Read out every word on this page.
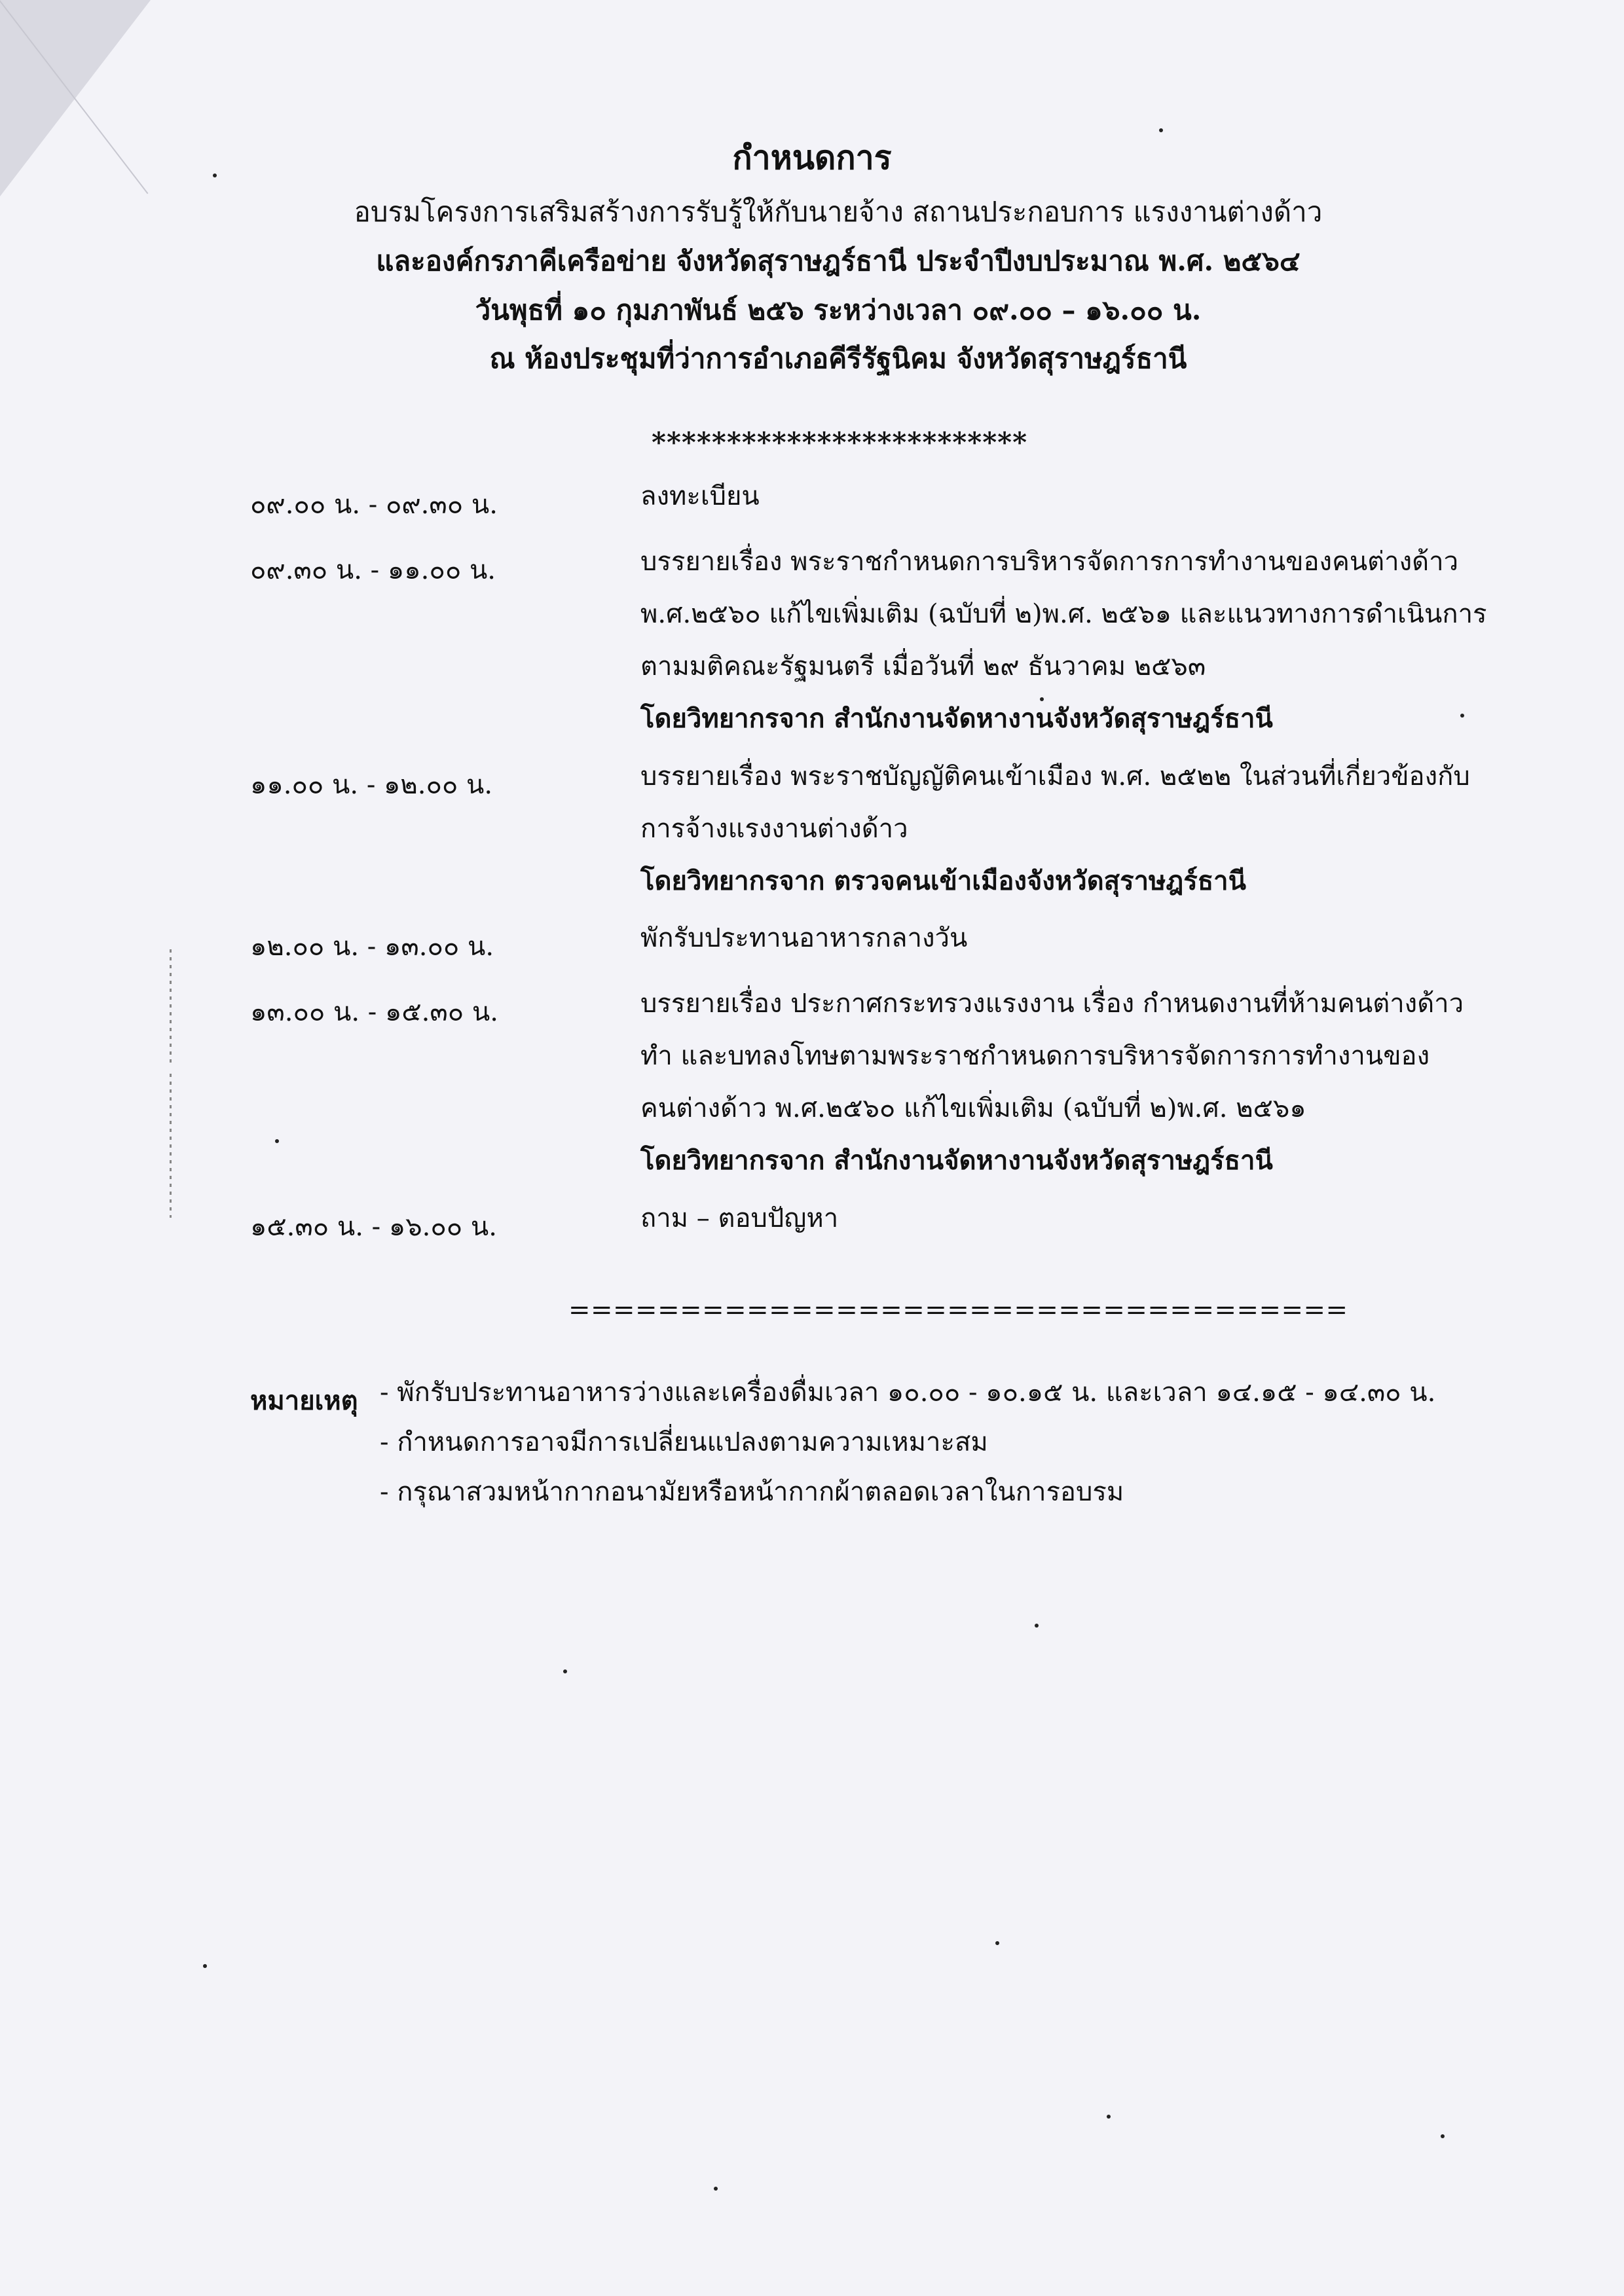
กำหนดการ
อบรมโครงการเสริมสร้างการรับรู้ให้กับนายจ้าง สถานประกอบการ แรงงานต่างด้าว
และองค์กรภาคีเครือข่าย จังหวัดสุราษฎร์ธานี ประจำปีงบประมาณ พ.ศ. ๒๕๖๔
วันพุธที่ ๑๐ กุมภาพันธ์ ๒๕๖ ระหว่างเวลา ๐๙.๐๐ – ๑๖.๐๐ น.
ณ ห้องประชุมที่ว่าการอำเภอคีรีรัฐนิคม จังหวัดสุราษฎร์ธานี
*************************
๐๙.๐๐ น. - ๐๙.๓๐ น.	ลงทะเบียน
๐๙.๓๐ น. - ๑๑.๐๐ น.	บรรยายเรื่อง พระราชกำหนดการบริหารจัดการการทำงานของคนต่างด้าว
พ.ศ.๒๕๖๐ แก้ไขเพิ่มเติม (ฉบับที่ ๒)พ.ศ. ๒๕๖๑ และแนวทางการดำเนินการ
ตามมติคณะรัฐมนตรี เมื่อวันที่ ๒๙ ธันวาคม ๒๕๖๓
โดยวิทยากรจาก สำนักงานจัดหางานจังหวัดสุราษฎร์ธานี
๑๑.๐๐ น. - ๑๒.๐๐ น.	บรรยายเรื่อง พระราชบัญญัติคนเข้าเมือง พ.ศ. ๒๕๒๒ ในส่วนที่เกี่ยวข้องกับ
การจ้างแรงงานต่างด้าว
โดยวิทยากรจาก ตรวจคนเข้าเมืองจังหวัดสุราษฎร์ธานี
๑๒.๐๐ น. - ๑๓.๐๐ น.	พักรับประทานอาหารกลางวัน
๑๓.๐๐ น. - ๑๕.๓๐ น.	บรรยายเรื่อง ประกาศกระทรวงแรงงาน เรื่อง กำหนดงานที่ห้ามคนต่างด้าว
ทำ และบทลงโทษตามพระราชกำหนดการบริหารจัดการการทำงานของ
คนต่างด้าว พ.ศ.๒๕๖๐ แก้ไขเพิ่มเติม (ฉบับที่ ๒)พ.ศ. ๒๕๖๑
โดยวิทยากรจาก สำนักงานจัดหางานจังหวัดสุราษฎร์ธานี
๑๕.๓๐ น. - ๑๖.๐๐ น.	ถาม – ตอบปัญหา
===================================
หมายเหตุ - พักรับประทานอาหารว่างและเครื่องดื่มเวลา ๑๐.๐๐ - ๑๐.๑๕ น. และเวลา ๑๔.๑๕ - ๑๔.๓๐ น.
- กำหนดการอาจมีการเปลี่ยนแปลงตามความเหมาะสม
- กรุณาสวมหน้ากากอนามัยหรือหน้ากากผ้าตลอดเวลาในการอบรม
